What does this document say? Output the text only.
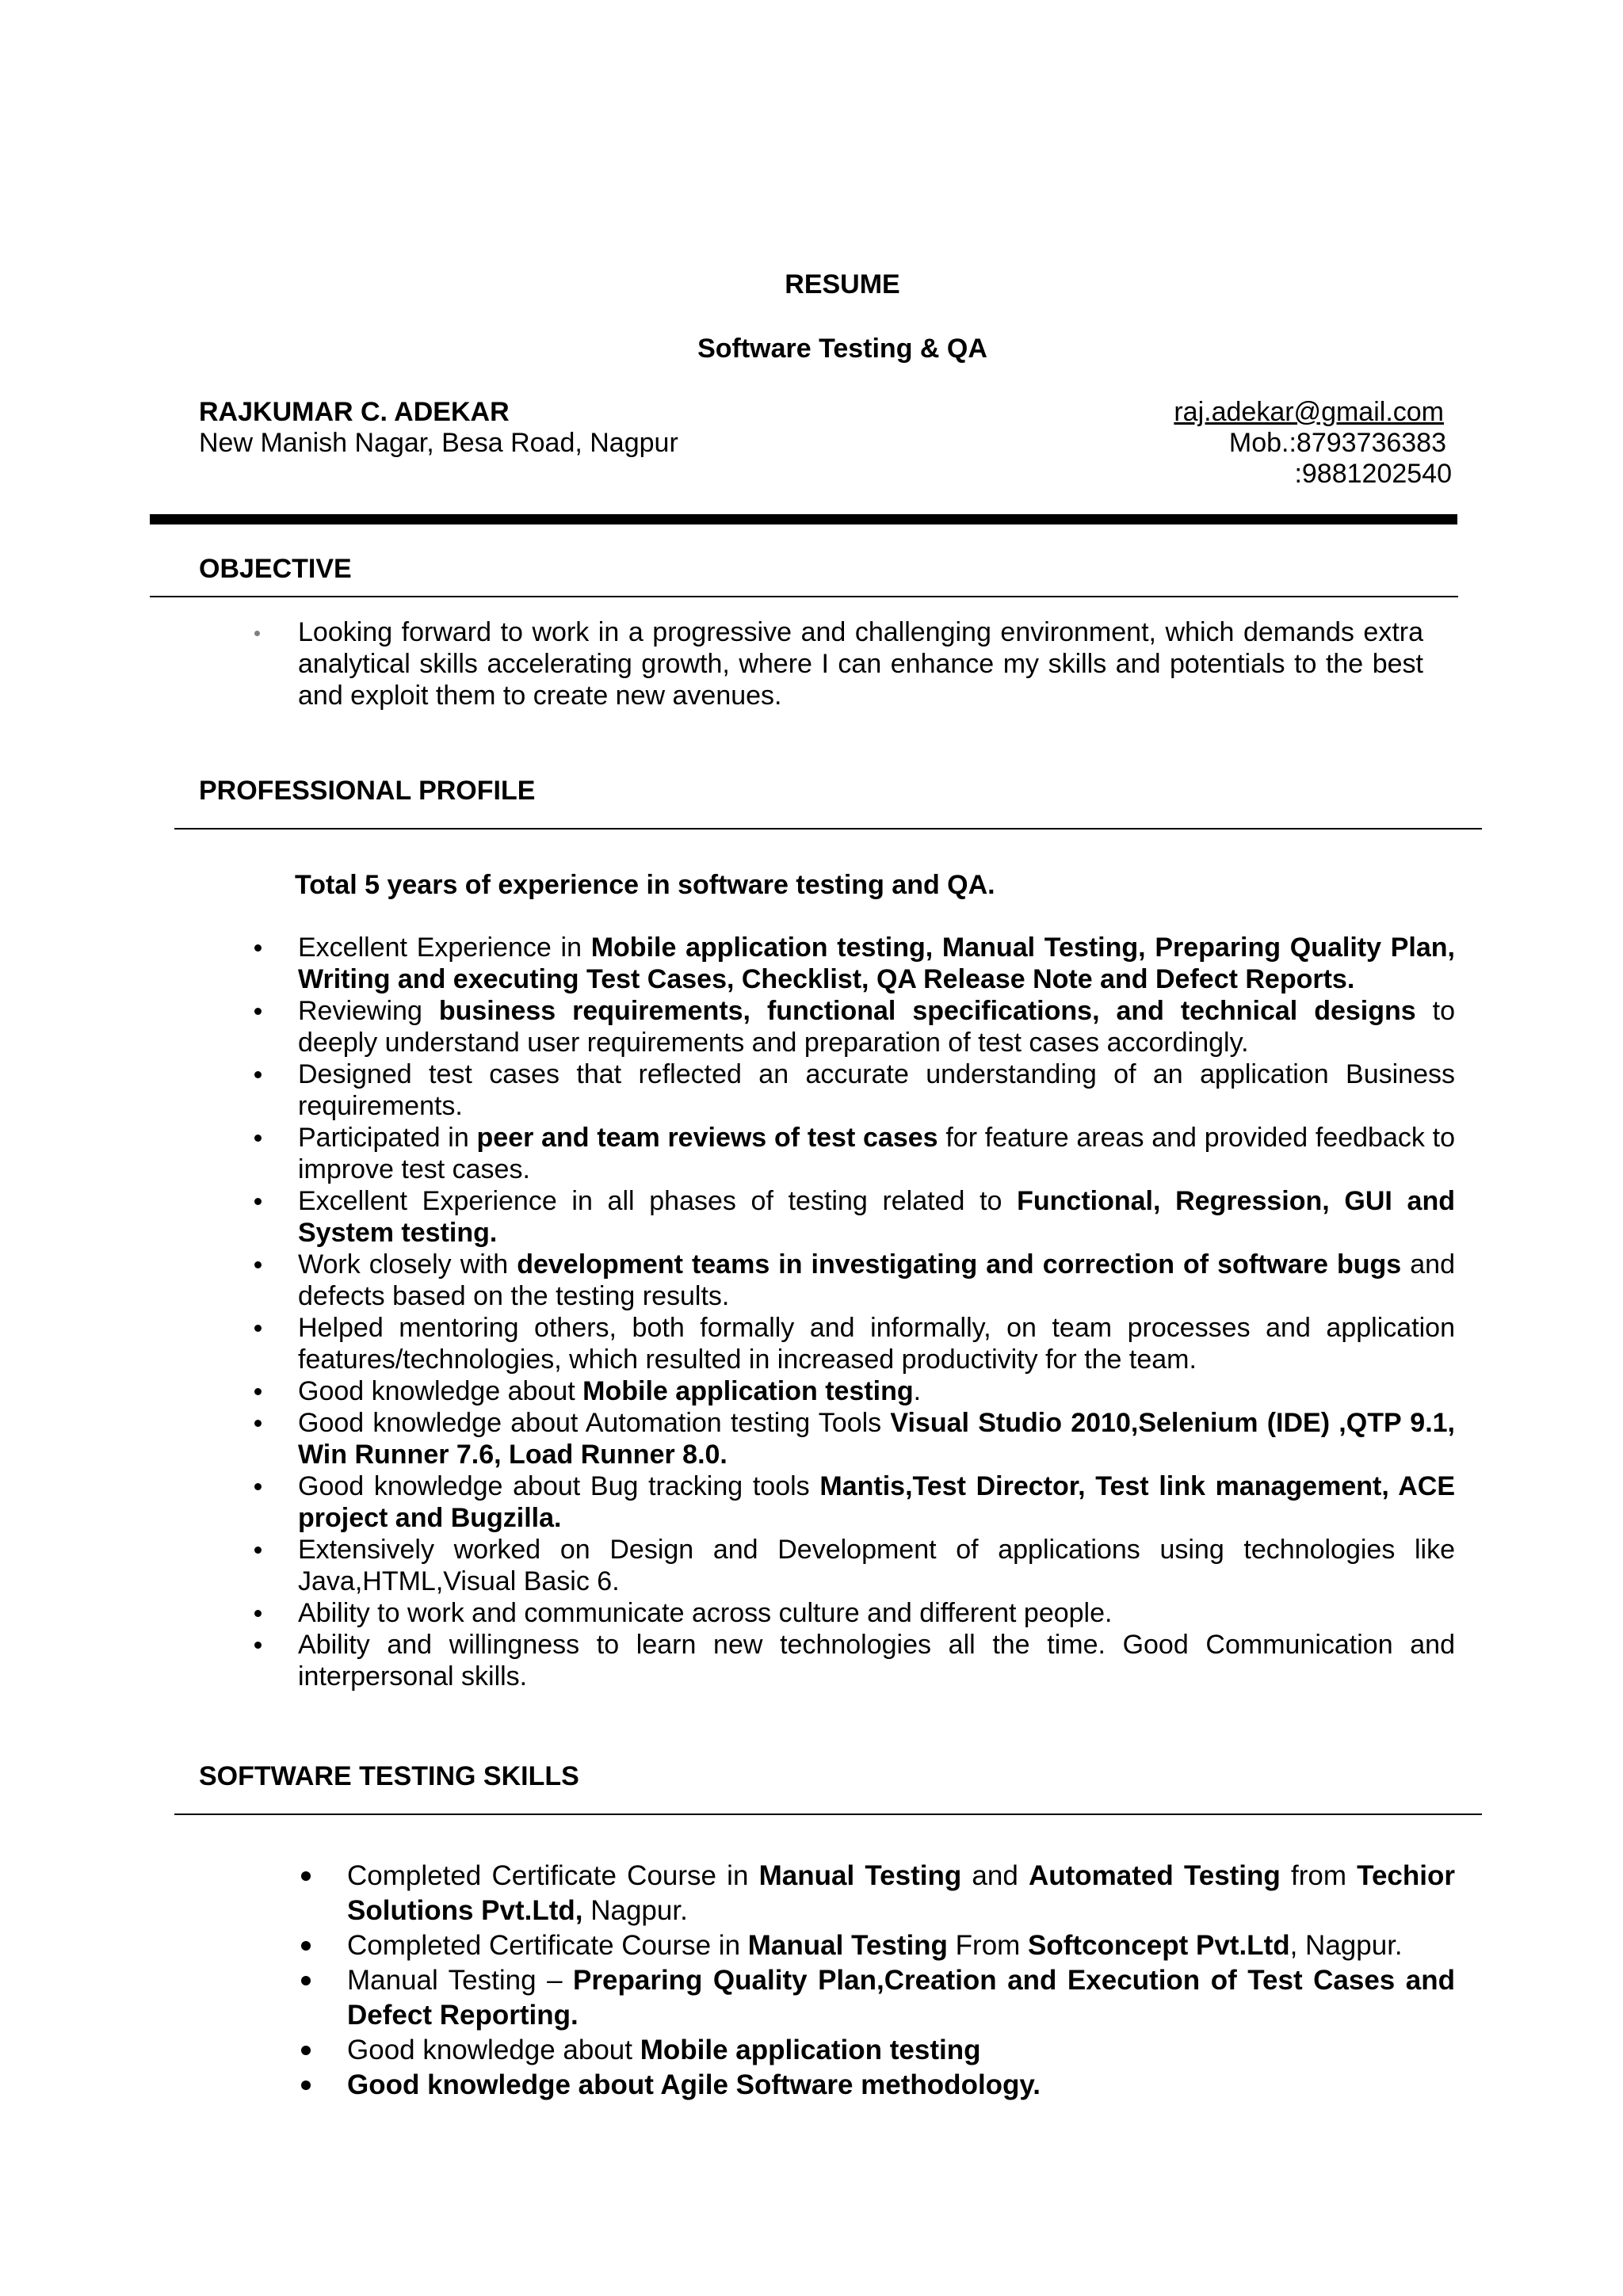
RESUME
Software Testing & QA
RAJKUMAR C. ADEKAR
New Manish Nagar, Besa Road, Nagpur
raj.adekar@gmail.com
Mob.:8793736383
:9881202540
OBJECTIVE
Looking forward to work in a progressive and challenging environment, which demands extra analytical skills accelerating growth, where I can enhance my skills and potentials to the best and exploit them to create new avenues.
PROFESSIONAL PROFILE
Total 5 years of experience in software testing and QA.
Excellent Experience in Mobile application testing, Manual Testing, Preparing Quality Plan, Writing and executing Test Cases, Checklist, QA Release Note and Defect Reports.
Reviewing business requirements, functional specifications, and technical designs to deeply understand user requirements and preparation of test cases accordingly.
Designed test cases that reflected an accurate understanding of an application Business requirements.
Participated in peer and team reviews of test cases for feature areas and provided feedback to improve test cases.
Excellent Experience in all phases of testing related to Functional, Regression, GUI and System testing.
Work closely with development teams in investigating and correction of software bugs and defects based on the testing results.
Helped mentoring others, both formally and informally, on team processes and application features/technologies, which resulted in increased productivity for the team.
Good knowledge about Mobile application testing.
Good knowledge about Automation testing Tools Visual Studio 2010,Selenium (IDE) ,QTP 9.1, Win Runner 7.6, Load Runner 8.0.
Good knowledge about Bug tracking tools Mantis,Test Director, Test link management, ACE project and Bugzilla.
Extensively worked on Design and Development of applications using technologies like Java,HTML,Visual Basic 6.
Ability to work and communicate across culture and different people.
Ability and willingness to learn new technologies all the time. Good Communication and interpersonal skills.
SOFTWARE TESTING SKILLS
Completed Certificate Course in Manual Testing and Automated Testing from Techior Solutions Pvt.Ltd, Nagpur.
Completed Certificate Course in Manual Testing From Softconcept Pvt.Ltd, Nagpur.
Manual Testing – Preparing Quality Plan,Creation and Execution of Test Cases and Defect Reporting.
Good knowledge about Mobile application testing
Good knowledge about Agile Software methodology.
